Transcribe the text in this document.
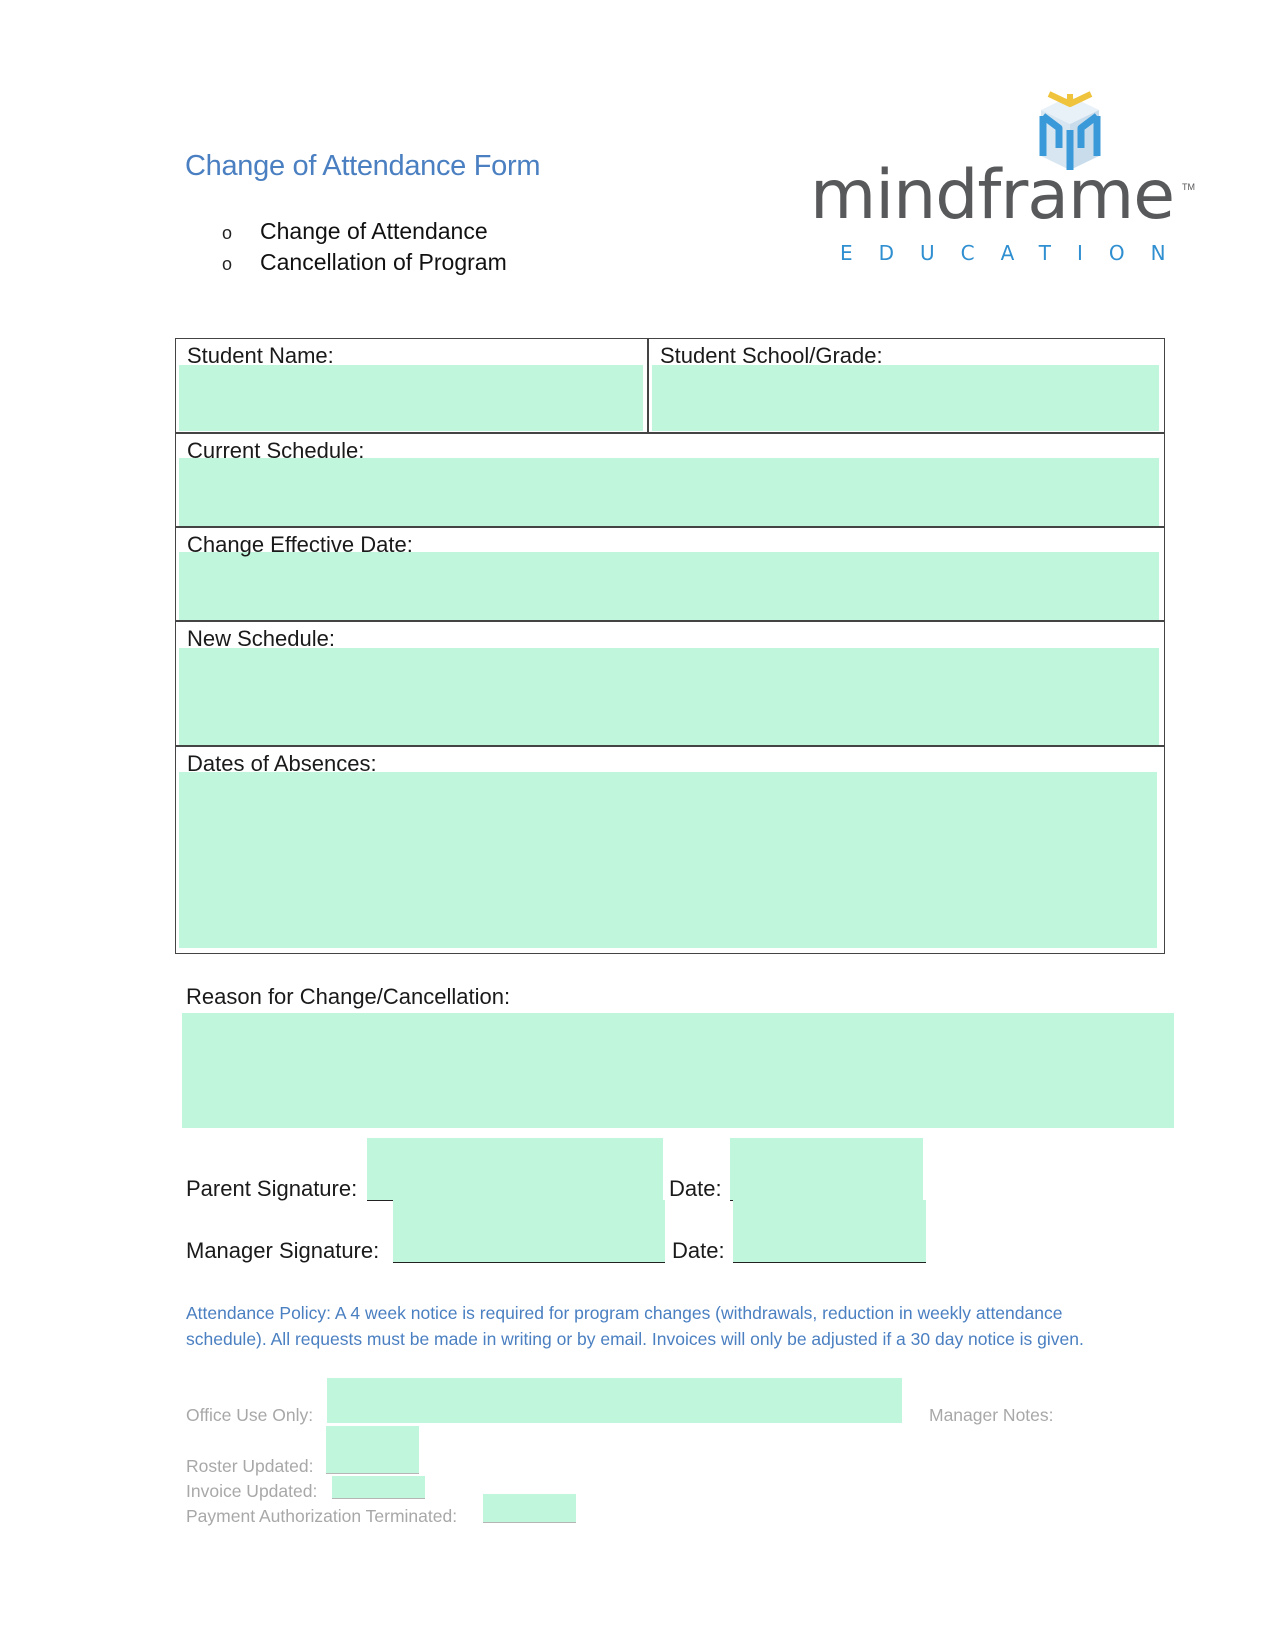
Change of Attendance Form
o Change of Attendance
o Cancellation of Program
mindframe TM
EDUCATION
Student Name:	Student School/Grade:
Current Schedule:
Change Effective Date:
New Schedule:
Dates of Absences:
Reason for Change/Cancellation:
Parent Signature:	Date:
Manager Signature:	Date:
Attendance Policy: A 4 week notice is required for program changes (withdrawals, reduction in weekly attendance schedule). All requests must be made in writing or by email. Invoices will only be adjusted if a 30 day notice is given.
Office Use Only:	Manager Notes:
Roster Updated:
Invoice Updated:
Payment Authorization Terminated:
